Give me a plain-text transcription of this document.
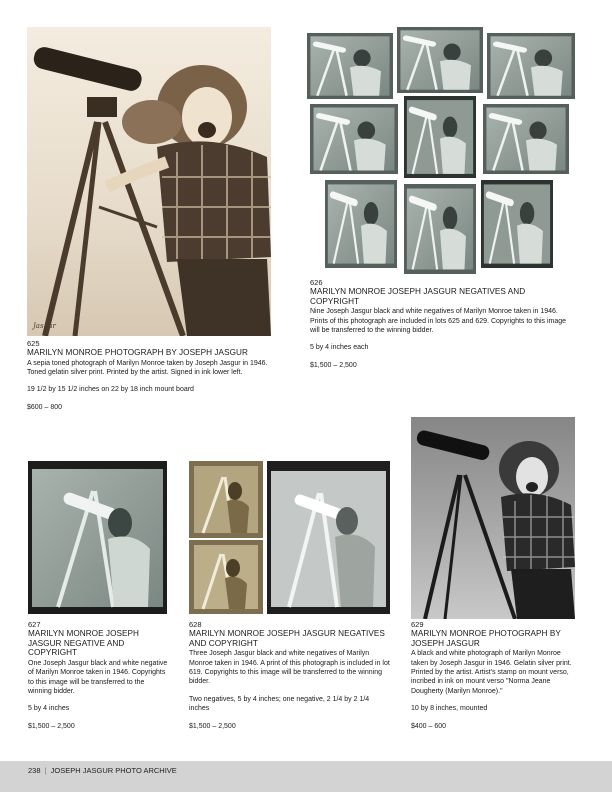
Jasgur
625
MARILYN MONROE PHOTOGRAPH BY JOSEPH JASGUR
A sepia toned photograph of Marilyn Monroe taken by Joseph Jasgur in 1946. Toned gelatin silver print. Printed by the artist. Signed in ink lower left.
19 1/2 by 15 1/2 inches on 22 by 18 inch mount board
$600 – 800
626
MARILYN MONROE JOSEPH JASGUR NEGATIVES AND COPYRIGHT
Nine Joseph Jasgur black and white negatives of Marilyn Monroe taken in 1946. Prints of this photograph are included in lots 625 and 629. Copyrights to this image will be transferred to the winning bidder.
5 by 4 inches each
$1,500 – 2,500
627
MARILYN MONROE JOSEPH JASGUR NEGATIVE AND COPYRIGHT
One Joseph Jasgur black and white negative of Marilyn Monroe taken in 1946. Copyrights to this image will be transferred to the winning bidder.
5 by 4 inches
$1,500 – 2,500
628
MARILYN MONROE JOSEPH JASGUR NEGATIVES AND COPYRIGHT
Three Joseph Jasgur black and white negatives of Marilyn Monroe taken in 1946. A print of this photograph is included in lot 619. Copyrights to this image will be transferred to the winning bidder.
Two negatives, 5 by 4 inches; one negative, 2 1/4 by 2 1/4 inches
$1,500 – 2,500
629
MARILYN MONROE PHOTOGRAPH BY JOSEPH JASGUR
A black and white photograph of Marilyn Monroe taken by Joseph Jasgur in 1946. Gelatin silver print. Printed by the artist. Artist's stamp on mount verso, incribed in ink on mount verso "Norma Jeane Dougherty (Marilyn Monroe)."
10 by 8 inches, mounted
$400 – 600
238 | JOSEPH JASGUR PHOTO ARCHIVE
